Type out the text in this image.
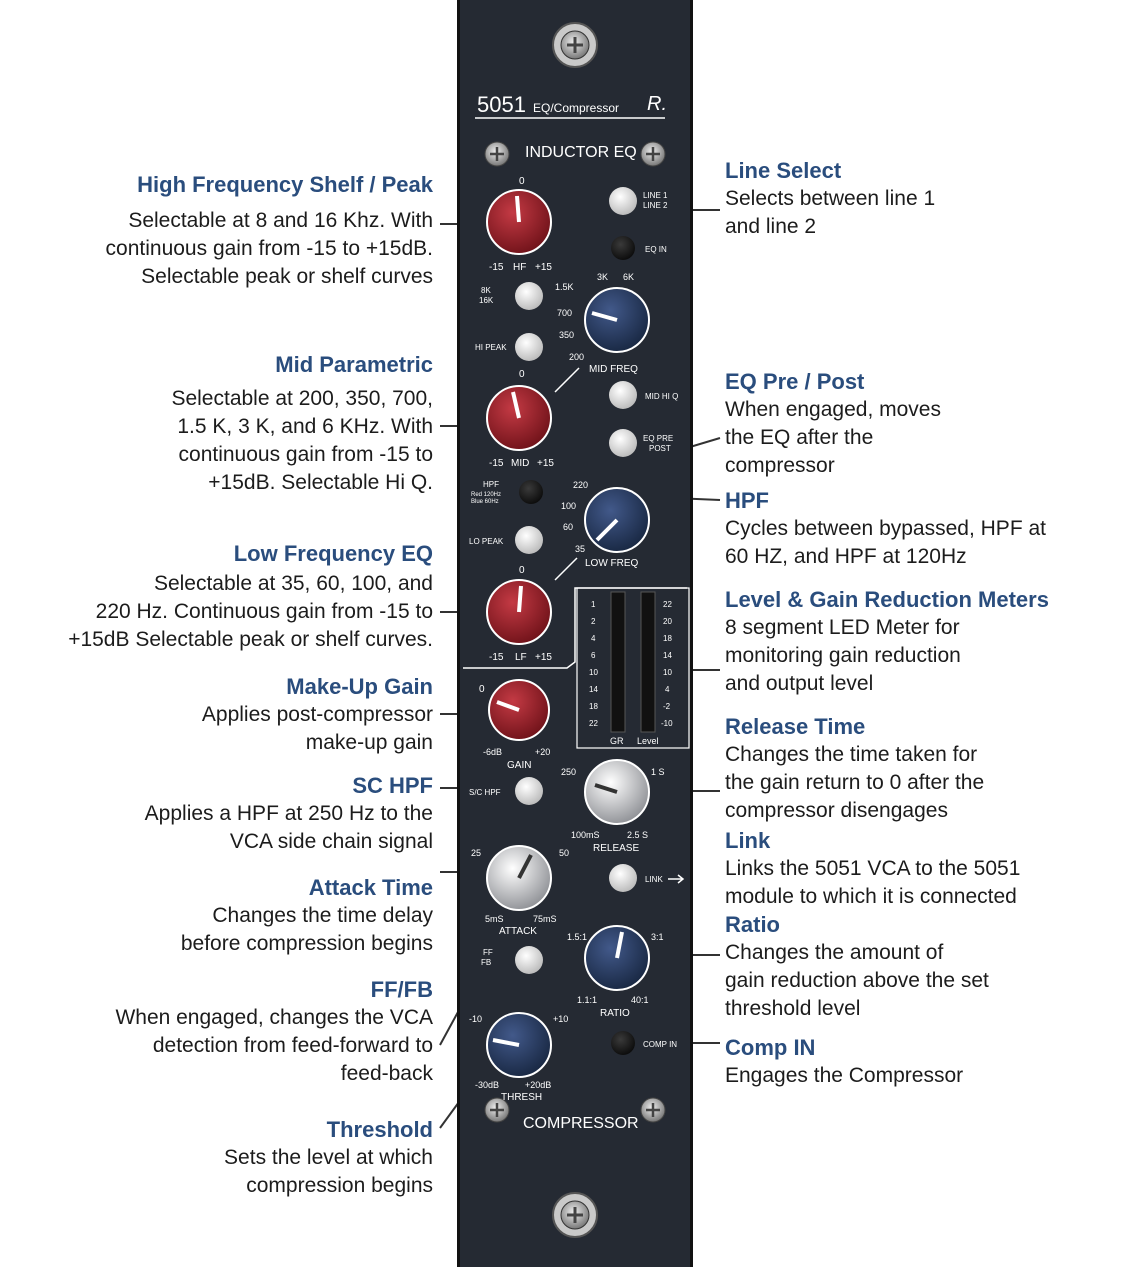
5051 EQ/Compressor R.
INDUCTOR EQ
COMPRESSOR
0
-15 HF +15
LINE 1
LINE 2
EQ IN
8K
16K
HI PEAK
1.5K
3K 6K
700
350
200
MID FREQ
0
-15 MID +15
MID HI Q
EQ PRE
POST
HPF
Red 120Hz
Blue 60Hz
LO PEAK
220
100
60
35
LOW FREQ
0
-15 LF +15
1
2
4
6
10
14
18
22
22
20
18
14
10
4
-2
-10
GR Level
0
-6dB	+20
GAIN
S/C HPF
250	1 S
100mS	2.5 S
RELEASE
25	50
5mS	75mS
ATTACK
LINK
FF
FB
1.5:1	3:1
1.1:1	40:1
RATIO
-10	+10
-30dB	+20dB
THRESH
COMP IN
High Frequency Shelf / Peak
Selectable at 8 and 16 Khz. With
continuous gain from -15 to +15dB.
Selectable peak or shelf curves
Mid Parametric
Selectable at 200, 350, 700,
1.5 K, 3 K, and 6 KHz. With
continuous gain from -15 to
+15dB. Selectable Hi Q.
Low Frequency EQ
Selectable at 35, 60, 100, and
220 Hz. Continuous gain from -15 to
+15dB Selectable peak or shelf curves.
Make-Up Gain
Applies post-compressor
make-up gain
SC HPF
Applies a HPF at 250 Hz to the
VCA side chain signal
Attack Time
Changes the time delay
before compression begins
FF/FB
When engaged, changes the VCA
detection from feed-forward to
feed-back
Threshold
Sets the level at which
compression begins
Line Select
Selects between line 1
and line 2
EQ Pre / Post
When engaged, moves
the EQ after the
compressor
HPF
Cycles between bypassed, HPF at
60 HZ, and HPF at 120Hz
Level & Gain Reduction Meters
8 segment LED Meter for
monitoring gain reduction
and output level
Release Time
Changes the time taken for
the gain return to 0 after the
compressor disengages
Link
Links the 5051 VCA to the 5051
module to which it is connected
Ratio
Changes the amount of
gain reduction above the set
threshold level
Comp IN
Engages the Compressor
